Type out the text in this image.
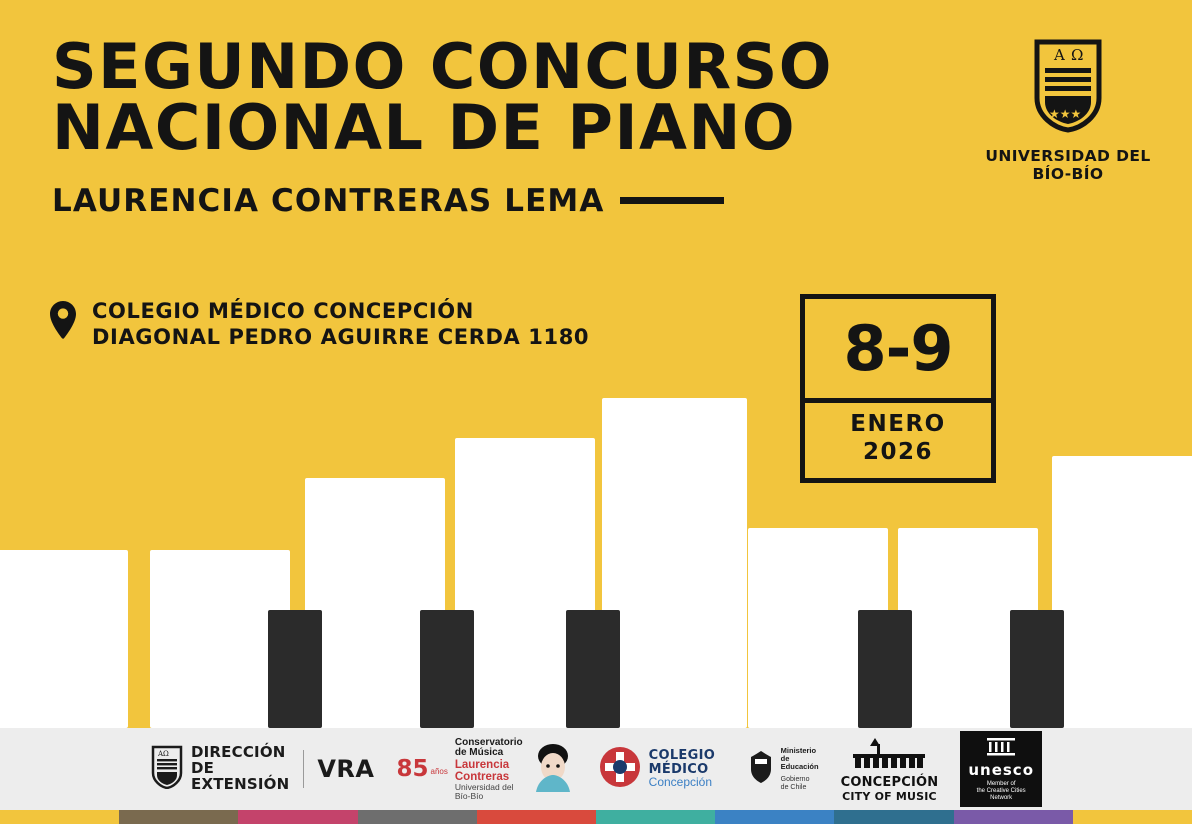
SEGUNDO CONCURSO
NACIONAL DE PIANO
LAURENCIA CONTRERAS LEMA
COLEGIO MÉDICO CONCEPCIÓN
DIAGONAL PEDRO AGUIRRE CERDA 1180	8-9
ENERO
2026
A Ω
★★★
UNIVERSIDAD DEL BÍO-BÍO
AΩ DIRECCIÓN DE
EXTENSIÓN
VRA 85 años
Conservatorio de Música
Laurencia Contreras
Universidad del Bío-Bío
COLEGIO MÉDICO
Concepción
Ministerio de
Educación
Gobierno de Chile	CONCEPCIÓN
CITY OF MUSIC
unesco
Member of
the Creative Cities Network
